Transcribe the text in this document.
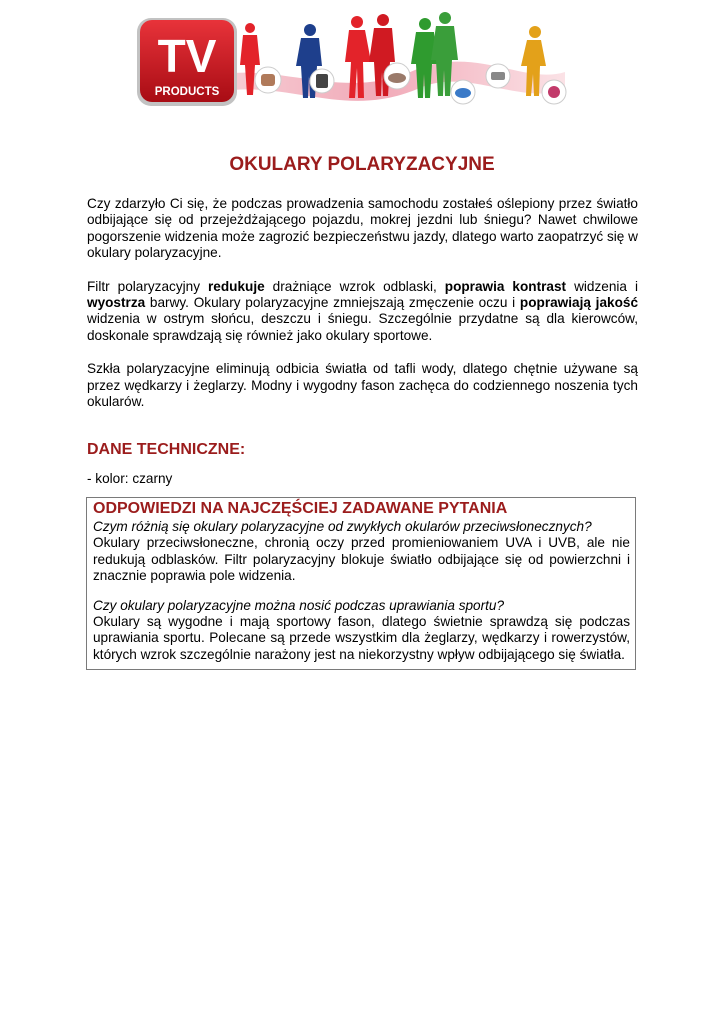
TV
PRODUCTS
OKULARY POLARYZACYJNE

Czy zdarzyło Ci się, że podczas prowadzenia samochodu zostałeś oślepiony przez światło odbijające się od przejeżdżającego pojazdu, mokrej jezdni lub śniegu? Nawet chwilowe pogorszenie widzenia może zagrozić bezpieczeństwu jazdy, dlatego warto zaopatrzyć się w okulary polaryzacyjne.

Filtr polaryzacyjny redukuje drażniące wzrok odblaski, poprawia kontrast widzenia i wyostrza barwy. Okulary polaryzacyjne zmniejszają zmęczenie oczu i poprawiają jakość widzenia w ostrym słońcu, deszczu i śniegu. Szczególnie przydatne są dla kierowców, doskonale sprawdzają się również jako okulary sportowe.

Szkła polaryzacyjne eliminują odbicia światła od tafli wody, dlatego chętnie używane są przez wędkarzy i żeglarzy. Modny i wygodny fason zachęca do codziennego noszenia tych okularów.

DANE TECHNICZNE:

- kolor: czarny

ODPOWIEDZI NA NAJCZĘŚCIEJ ZADAWANE PYTANIA

Czym różnią się okulary polaryzacyjne od zwykłych okularów przeciwsłonecznych?

Okulary przeciwsłoneczne, chronią oczy przed promieniowaniem UVA i UVB, ale nie redukują odblasków. Filtr polaryzacyjny blokuje światło odbijające się od powierzchni i znacznie poprawia pole widzenia.

Czy okulary polaryzacyjne można nosić podczas uprawiania sportu?

Okulary są wygodne i mają sportowy fason, dlatego świetnie sprawdzą się podczas uprawiania sportu. Polecane są przede wszystkim dla żeglarzy, wędkarzy i rowerzystów, których wzrok szczególnie narażony jest na niekorzystny wpływ odbijającego się światła.
